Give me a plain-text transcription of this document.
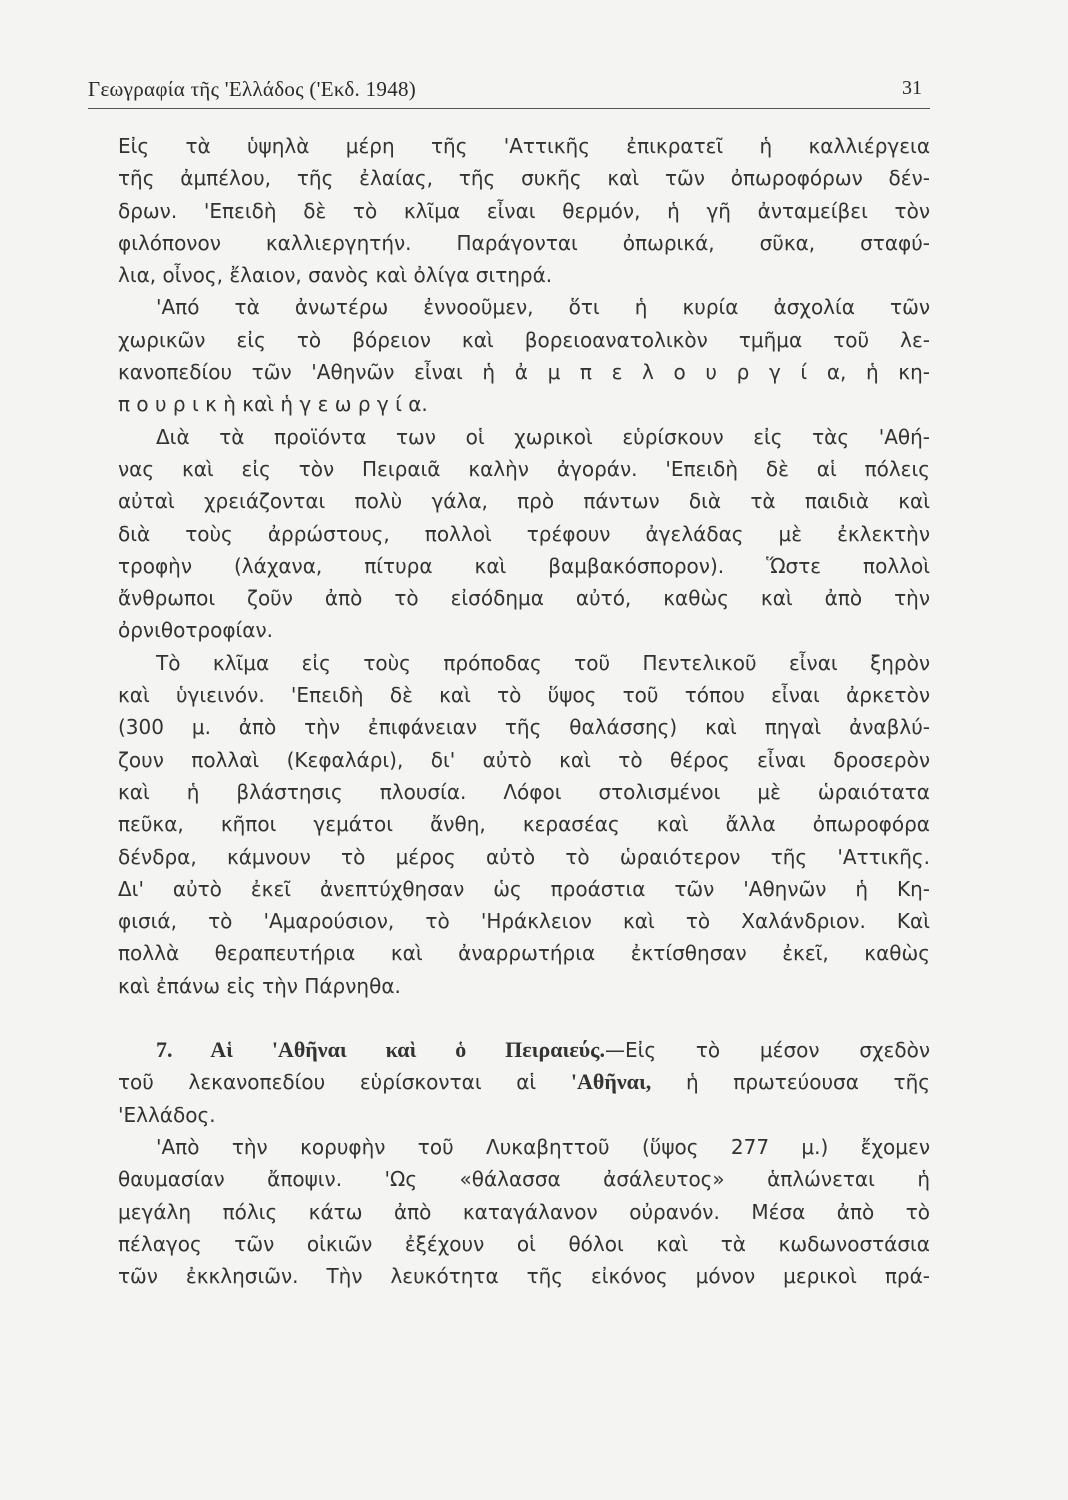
Γεωγραφία τῆς 'Ελλάδος ('Εκδ. 1948)	31
Εἰς τὰ ὑψηλὰ μέρη τῆς 'Αττικῆς ἐπικρατεῖ ἡ καλλιέργεια
τῆς ἀμπέλου, τῆς ἐλαίας, τῆς συκῆς καὶ τῶν ὀπωροφόρων δέν-
δρων. 'Επειδὴ δὲ τὸ κλῖμα εἶναι θερμόν, ἡ γῆ ἀνταμείβει τὸν
φιλόπονον καλλιεργητήν. Παράγονται ὀπωρικά, σῦκα, σταφύ-
λια, οἶνος, ἔλαιον, σανὸς καὶ ὀλίγα σιτηρά.
'Από τὰ ἀνωτέρω ἐννοοῦμεν, ὅτι ἡ κυρία ἀσχολία τῶν
χωρικῶν εἰς τὸ βόρειον καὶ βορειοανατολικὸν τμῆμα τοῦ λε-
κανοπεδίου τῶν 'Αθηνῶν εἶναι ἡ ἀ μ π ε λ ο υ ρ γ ί α, ἡ κη-
π ο υ ρ ι κ ὴ καὶ ἡ γ ε ω ρ γ ί α.
Διὰ τὰ προϊόντα των οἱ χωρικοὶ εὑρίσκουν εἰς τὰς 'Αθή-
νας καὶ εἰς τὸν Πειραιᾶ καλὴν ἀγοράν. 'Επειδὴ δὲ αἱ πόλεις
αὐταὶ χρειάζονται πολὺ γάλα, πρὸ πάντων διὰ τὰ παιδιὰ καὶ
διὰ τοὺς ἀρρώστους, πολλοὶ τρέφουν ἀγελάδας μὲ ἐκλεκτὴν
τροφὴν (λάχανα, πίτυρα καὶ βαμβακόσπορον). Ὥστε πολλοὶ
ἄνθρωποι ζοῦν ἀπὸ τὸ εἰσόδημα αὐτό, καθὼς καὶ ἀπὸ τὴν
ὀρνιθοτροφίαν.
Τὸ κλῖμα εἰς τοὺς πρόποδας τοῦ Πεντελικοῦ εἶναι ξηρὸν
καὶ ὑγιεινόν. 'Επειδὴ δὲ καὶ τὸ ὕψος τοῦ τόπου εἶναι ἀρκετὸν
(300 μ. ἀπὸ τὴν ἐπιφάνειαν τῆς θαλάσσης) καὶ πηγαὶ ἀναβλύ-
ζουν πολλαὶ (Κεφαλάρι), δι' αὐτὸ καὶ τὸ θέρος εἶναι δροσερὸν
καὶ ἡ βλάστησις πλουσία. Λόφοι στολισμένοι μὲ ὡραιότατα
πεῦκα, κῆποι γεμάτοι ἄνθη, κερασέας καὶ ἄλλα ὀπωροφόρα
δένδρα, κάμνουν τὸ μέρος αὐτὸ τὸ ὡραιότερον τῆς 'Αττικῆς.
Δι' αὐτὸ ἐκεῖ ἀνεπτύχθησαν ὡς προάστια τῶν 'Αθηνῶν ἡ Κη-
φισιά, τὸ 'Αμαρούσιον, τὸ 'Ηράκλειον καὶ τὸ Χαλάνδριον. Καὶ
πολλὰ θεραπευτήρια καὶ ἀναρρωτήρια ἐκτίσθησαν ἐκεῖ, καθὼς
καὶ ἐπάνω εἰς τὴν Πάρνηθα.
7. Αἱ 'Αθῆναι καὶ ὁ Πειραιεύς.—Εἰς τὸ μέσον σχεδὸν
τοῦ λεκανοπεδίου εὑρίσκονται αἱ 'Αθῆναι, ἡ πρωτεύουσα τῆς
'Ελλάδος.
'Απὸ τὴν κορυφὴν τοῦ Λυκαβηττοῦ (ὕψος 277 μ.) ἔχομεν
θαυμασίαν ἄποψιν. 'Ως «θάλασσα ἀσάλευτος» ἁπλώνεται ἡ
μεγάλη πόλις κάτω ἀπὸ καταγάλανον οὐρανόν. Μέσα ἀπὸ τὸ
πέλαγος τῶν οἰκιῶν ἐξέχουν οἱ θόλοι καὶ τὰ κωδωνοστάσια
τῶν ἐκκλησιῶν. Τὴν λευκότητα τῆς εἰκόνος μόνον μερικοὶ πρά-
